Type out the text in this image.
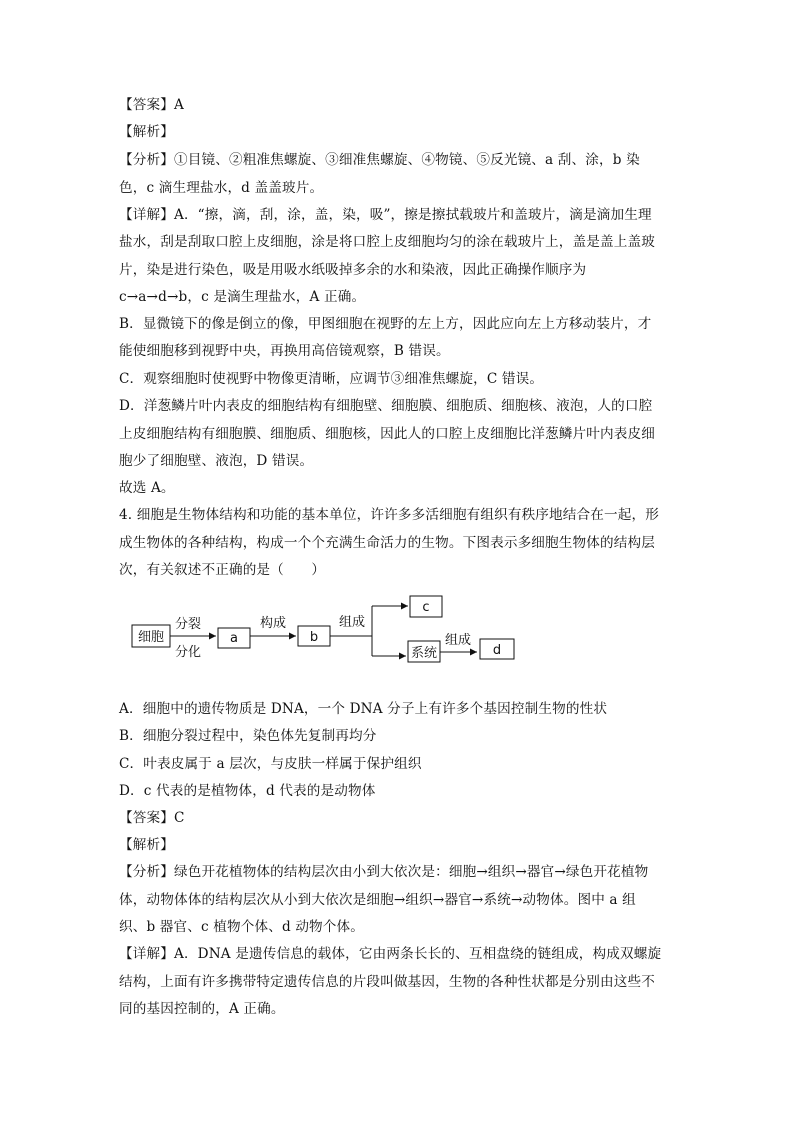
【答案】A
【解析】
【分析】①目镜、②粗准焦螺旋、③细准焦螺旋、④物镜、⑤反光镜、a 刮、涂，b 染
色，c 滴生理盐水，d 盖盖玻片。
【详解】A．“擦，滴，刮，涂，盖，染，吸”，擦是擦拭载玻片和盖玻片，滴是滴加生理
盐水，刮是刮取口腔上皮细胞，涂是将口腔上皮细胞均匀的涂在载玻片上，盖是盖上盖玻
片，染是进行染色，吸是用吸水纸吸掉多余的水和染液，因此正确操作顺序为
c→a→d→b，c 是滴生理盐水，A 正确。
B．显微镜下的像是倒立的像，甲图细胞在视野的左上方，因此应向左上方移动装片，才
能使细胞移到视野中央，再换用高倍镜观察，B 错误。
C．观察细胞时使视野中物像更清晰，应调节③细准焦螺旋，C 错误。
D．洋葱鳞片叶内表皮的细胞结构有细胞壁、细胞膜、细胞质、细胞核、液泡，人的口腔
上皮细胞结构有细胞膜、细胞质、细胞核，因此人的口腔上皮细胞比洋葱鳞片叶内表皮细
胞少了细胞壁、液泡，D 错误。
故选 A。
4. 细胞是生物体结构和功能的基本单位，许许多多活细胞有组织有秩序地结合在一起，形
成生物体的各种结构，构成一个个充满生命活力的生物。下图表示多细胞生物体的结构层
次，有关叙述不正确的是（　　）
细胞
分裂
分化
a
构成
b
组成
c
系统
组成
d
A．细胞中的遗传物质是 DNA，一个 DNA 分子上有许多个基因控制生物的性状
B．细胞分裂过程中，染色体先复制再均分
C．叶表皮属于 a 层次，与皮肤一样属于保护组织
D．c 代表的是植物体，d 代表的是动物体
【答案】C
【解析】
【分析】绿色开花植物体的结构层次由小到大依次是：细胞→组织→器官→绿色开花植物
体，动物体体的结构层次从小到大依次是细胞→组织→器官→系统→动物体。图中 a 组
织、b 器官、c 植物个体、d 动物个体。
【详解】A．DNA 是遗传信息的载体，它由两条长长的、互相盘绕的链组成，构成双螺旋
结构，上面有许多携带特定遗传信息的片段叫做基因，生物的各种性状都是分别由这些不
同的基因控制的，A 正确。
